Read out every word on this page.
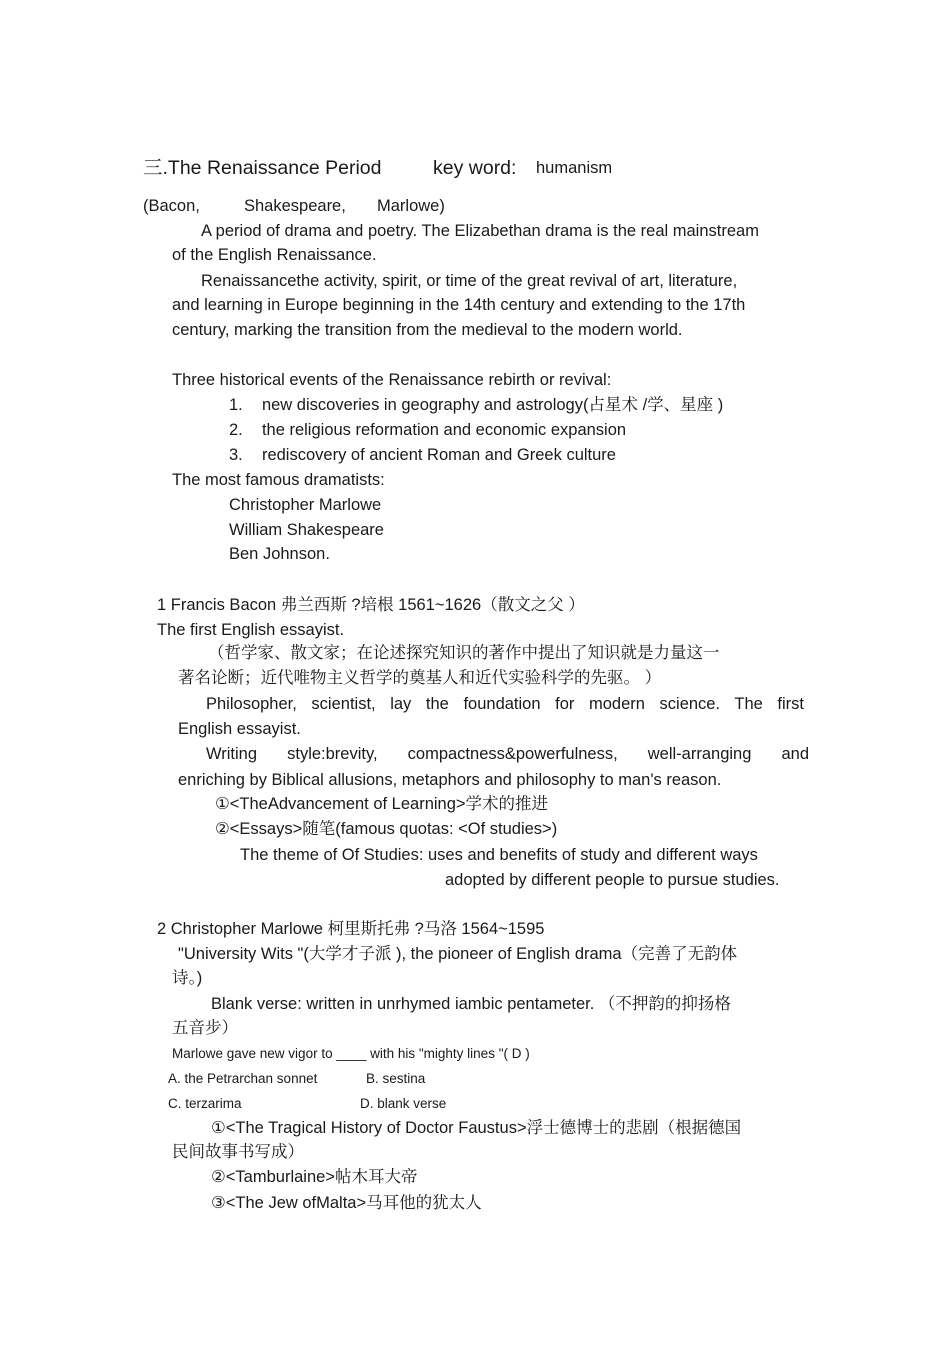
三.The Renaissance Period	key word: humanism
(Bacon,	Shakespeare, Marlowe)
A period of drama and poetry. The Elizabethan drama is the real mainstream
of the English Renaissance.
Renaissancethe activity, spirit, or time of the great revival of art, literature,
and learning in Europe beginning in the 14th century and extending to the 17th
century, marking the transition from the medieval to the modern world.
Three historical events of the Renaissance rebirth or revival:
1. new discoveries in geography and astrology(占星术 /学、星座 )
2. the religious reformation and economic expansion
3. rediscovery of ancient Roman and Greek culture
The most famous dramatists:
Christopher Marlowe
William Shakespeare
Ben Johnson.
1 Francis Bacon 弗兰西斯 ?培根 1561~1626（散文之父 ）
The first English essayist.
（哲学家、散文家；在论述探究知识的著作中提出了知识就是力量这一
著名论断；近代唯物主义哲学的奠基人和近代实验科学的先驱。 ）
Philosopher, scientist, lay the foundation for modern science. The first
English essayist.
Writing style:brevity, compactness&powerfulness, well-arranging and
enriching by Biblical allusions, metaphors and philosophy to man's reason.
①<TheAdvancement of Learning>学术的推进
②<Essays>随笔(famous quotas: <Of studies>)
The theme of Of Studies: uses and benefits of study and different ways
adopted by different people to pursue studies.
2 Christopher Marlowe 柯里斯托弗 ?马洛 1564~1595
"University Wits "(大学才子派 ), the pioneer of English drama（完善了无韵体
诗。)
Blank verse: written in unrhymed iambic pentameter. （不押韵的抑扬格
五音步）
Marlowe gave new vigor to ____ with his "mighty lines "( D )
A. the Petrarchan sonnet	B. sestina
C. terzarima	D. blank verse
①<The Tragical History of Doctor Faustus>浮士德博士的悲剧（根据德国
民间故事书写成）
②<Tamburlaine>帖木耳大帝
③<The Jew ofMalta>马耳他的犹太人
